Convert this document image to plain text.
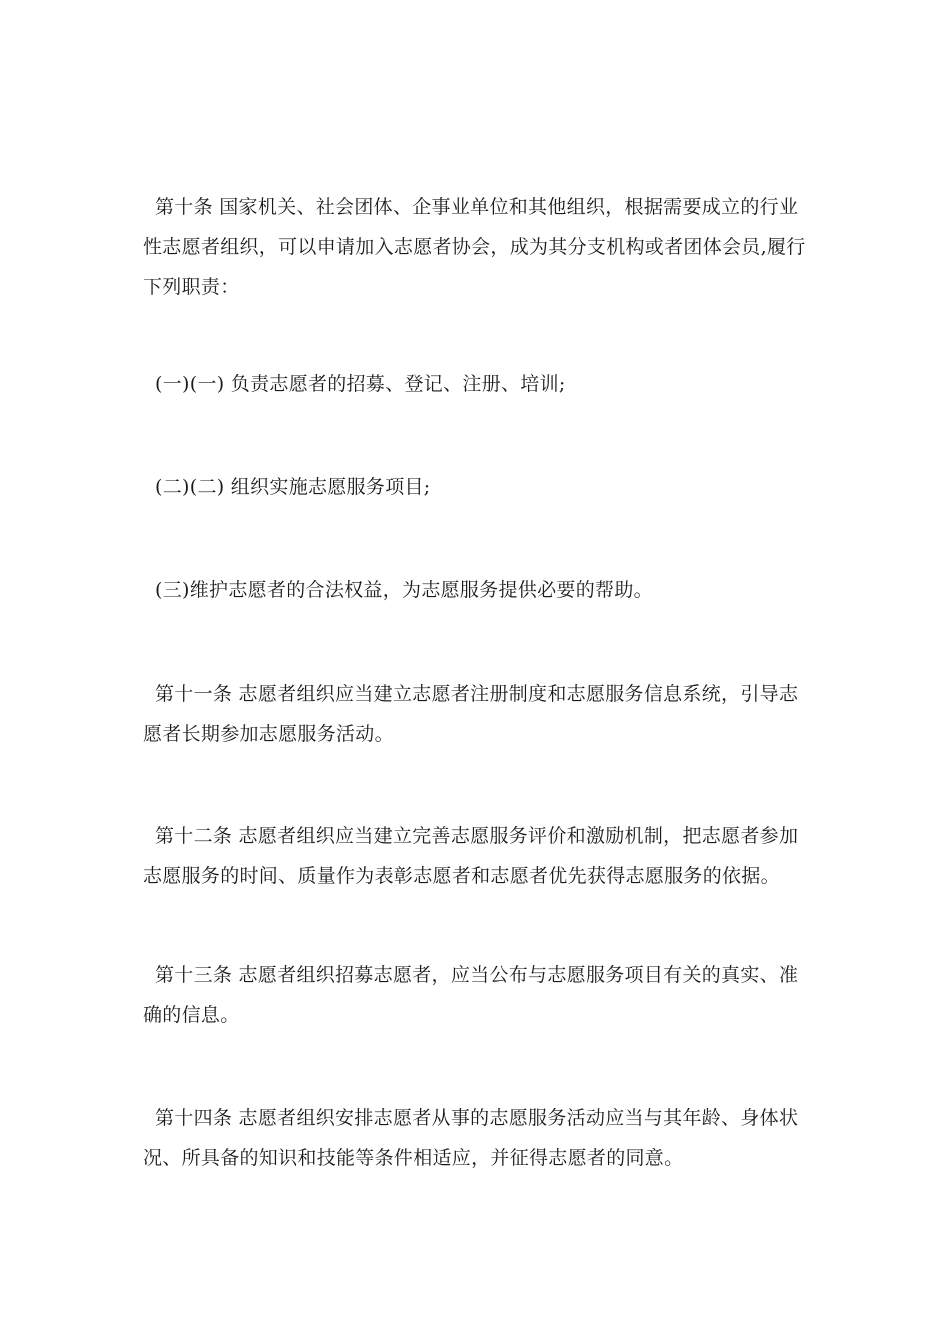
第十条 国家机关、社会团体、企事业单位和其他组织，根据需要成立的行业性志愿者组织，可以申请加入志愿者协会，成为其分支机构或者团体会员,履行下列职责：

(一)(一) 负责志愿者的招募、登记、注册、培训;

(二)(二) 组织实施志愿服务项目;

(三)维护志愿者的合法权益，为志愿服务提供必要的帮助。

第十一条 志愿者组织应当建立志愿者注册制度和志愿服务信息系统，引导志愿者长期参加志愿服务活动。

第十二条 志愿者组织应当建立完善志愿服务评价和激励机制，把志愿者参加志愿服务的时间、质量作为表彰志愿者和志愿者优先获得志愿服务的依据。

第十三条 志愿者组织招募志愿者，应当公布与志愿服务项目有关的真实、准确的信息。

第十四条 志愿者组织安排志愿者从事的志愿服务活动应当与其年龄、身体状况、所具备的知识和技能等条件相适应，并征得志愿者的同意。
